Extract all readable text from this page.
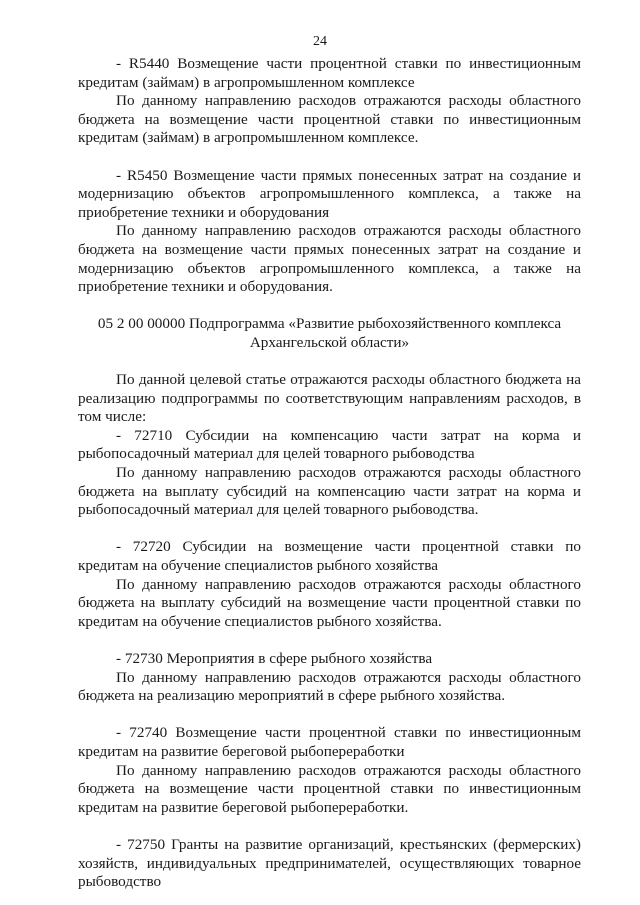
24

- R5440 Возмещение части процентной ставки по инвестиционным кредитам (займам) в агропромышленном комплексе

По данному направлению расходов отражаются расходы областного бюджета на возмещение части процентной ставки по инвестиционным кредитам (займам) в агропромышленном комплексе.

- R5450 Возмещение части прямых понесенных затрат на создание и модернизацию объектов агропромышленного комплекса, а также на приобретение техники и оборудования

По данному направлению расходов отражаются расходы областного бюджета на возмещение части прямых понесенных затрат на создание и модернизацию объектов агропромышленного комплекса, а также на приобретение техники и оборудования.

05 2 00 00000 Подпрограмма «Развитие рыбохозяйственного комплекса Архангельской области»

По данной целевой статье отражаются расходы областного бюджета на реализацию подпрограммы по соответствующим направлениям расходов, в том числе:

- 72710 Субсидии на компенсацию части затрат на корма и рыбопосадочный материал для целей товарного рыбоводства

По данному направлению расходов отражаются расходы областного бюджета на выплату субсидий на компенсацию части затрат на корма и рыбопосадочный материал для целей товарного рыбоводства.

- 72720 Субсидии на возмещение части процентной ставки по кредитам на обучение специалистов рыбного хозяйства

По данному направлению расходов отражаются расходы областного бюджета на выплату субсидий на возмещение части процентной ставки по кредитам на обучение специалистов рыбного хозяйства.

- 72730 Мероприятия в сфере рыбного хозяйства

По данному направлению расходов отражаются расходы областного бюджета на реализацию мероприятий в сфере рыбного хозяйства.

- 72740 Возмещение части процентной ставки по инвестиционным кредитам на развитие береговой рыбопереработки

По данному направлению расходов отражаются расходы областного бюджета на возмещение части процентной ставки по инвестиционным кредитам на развитие береговой рыбопереработки.

- 72750 Гранты на развитие организаций, крестьянских (фермерских) хозяйств, индивидуальных предпринимателей, осуществляющих товарное рыбоводство
